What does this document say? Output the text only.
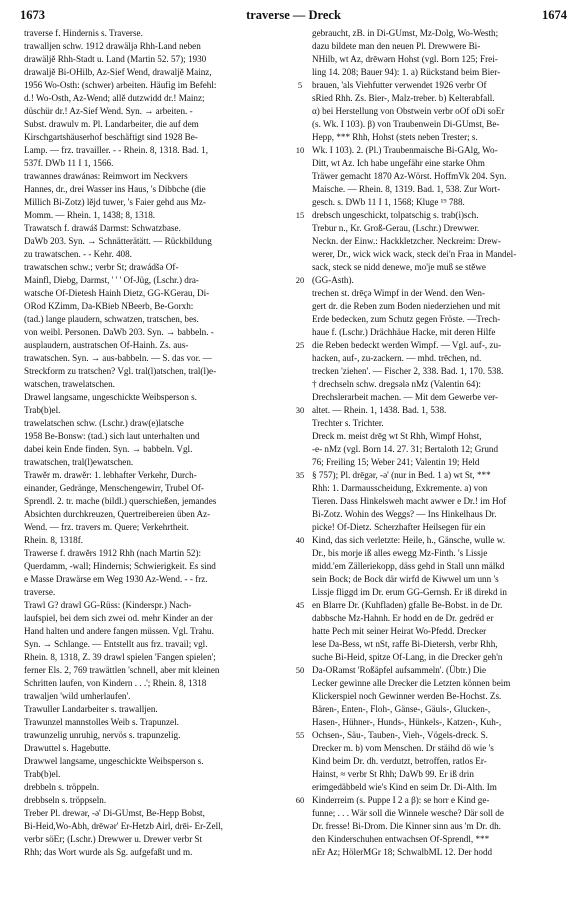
1673	traverse — Dreck	1674
traverse f. Hindernis s. Traverse.
trawalljen schw. 1912 drawäljə Rhh-Land neben
drawäljě Rhh-Stadt u. Land (Martin 52. 57); 1930
drawaljě Bi-OHilb, Az-Sief Wend, drawaljě Mainz,
1956 Wo-Osth: (schwer) arbeiten. Häufig im Befehl:
d.! Wo-Osth, Az-Wend; allě dutzwidd dr.! Mainz;
düschür dr.! Az-Sief Wend. Syn. → arbeiten. -
Subst. drawulv m. Pl. Landarbeiter, die auf dem
Kirschgartshäuserhof beschäftigt sind 1928 Be-
Lamp. — frz. travailler. - - Rhein. 8, 1318. Bad. 1,
537f. DWb 11 I 1, 1566.
trawannes drawánəs: Reimwort im Neckvers
Hannes, dr., drei Wasser ins Haus, 's Dibbche (die
Millich Bi-Zotz) lějd tuwer, 's Faier gehd aus Mz-
Momm. — Rhein. 1, 1438; 8, 1318.
Trawatsch f. drawáš Darmst: Schwatzbase.
DaWb 203. Syn. → Schnätterätätt. — Rückbildung
zu trawatschen. - - Kehr. 408.
trawatschen schw.; verbr St; drawádšə Of-
Mainfl, Diebg, Darmst, ' ' ' Of-Jüg, (Lschr.) dra-
watsche Of-Dietesh Hainh Dietz, GG-KGerau, Di-
ORod KZimm, Da-KBieb NBeerb, Be-Gorxh:
(tad.) lange plaudern, schwatzen, tratschen, bes.
von weibl. Personen. DaWb 203. Syn. → babbeln. -
ausplaudern, austratschen Of-Hainh. Zs. aus-
trawatschen. Syn. → aus-babbeln. — S. das vor. —
Streckform zu tratschen? Vgl. tral(l)atschen, tral(l)e-
watschen, trawelatschen.
Drawel langsame, ungeschickte Weibsperson s.
Trab(b)el.
trawelatschen schw. (Lschr.) draw(e)latsche
1958 Be-Bonsw: (tad.) sich laut unterhalten und
dabei kein Ende finden. Syn. → babbeln. Vgl.
trawatschen, tral(l)ewatschen.
Trawěr m. drawěr: 1. lebhafter Verkehr, Durch-
einander, Gedränge, Menschengewirr, Trubel Of-
Sprendl. 2. tr. mache (bildl.) querschießen, jemandes
Absichten durchkreuzen, Quertreibereien üben Az-
Wend. — frz. travers m. Quere; Verkehrtheit.
Rhein. 8, 1318f.
Trawerse f. drawěrs 1912 Rhh (nach Martin 52):
Querdamm, -wall; Hindernis; Schwierigkeit. Es sind
e Masse Drawärse em Weg 1930 Az-Wend. - - frz.
traverse.
Trawl G? drawl GG-Rüss: (Kinderspr.) Nach-
laufspiel, bei dem sich zwei od. mehr Kinder an der
Hand halten und andere fangen müssen. Vgl. Trahu.
Syn. → Schlange. — Entstellt aus frz. travail; vgl.
Rhein. 8, 1318, Z. 39 drawl spielen 'Fangen spielen';
ferner Els. 2, 769 trawättlen 'schnell, aber mit kleinen
Schritten laufen, von Kindern . . .'; Rhein. 8, 1318
trawaljen 'wild umherlaufen'.
Trawuller Landarbeiter s. trawalljen.
Trawunzel mannstolles Weib s. Trapunzel.
trawunzelig unruhig, nervös s. trapunzelig.
Drawuttel s. Hagebutte.
Drawwel langsame, ungeschickte Weibsperson s.
Trab(b)el.
drebbeln s. tröppeln.
drebbseln s. tröppseln.
Treber Pl. drewər, -ə' Di-GUmst, Be-Hepp Bobst,
Bi-Heid,Wo-Abh, drēwər' Er-Hetzb Airl, drēi- Er-Zell,
verbr söEr; (Lschr.) Drewwer u. Drewer verbr St
Rhh; das Wort wurde als Sg. aufgefaßt und m.
5
10
15
20
25
30
35
40
45
50
55
60
gebraucht, zB. in Di-GUmst, Mz-Dolg, Wo-Westh;
dazu bildete man den neuen Pl. Drewwere Bi-
NHilb, wt Az, drēwərn Hohst (vgl. Born 125; Frei-
ling 14. 208; Bauer 94): 1. a) Rückstand beim Bier-
brauen, 'als Viehfutter verwendet 1926 verbr Of
sRied Rhh. Zs. Bier-, Malz-treber. b) Kelterabfall.
α) bei Herstellung von Obstwein verbr oOf oDi soEr
(s. Wk. I 103). β) von Traubenwein Di-GUmst, Be-
Hepp, *** Rhh, Hohst (stets neben Trester; s.
Wk. I 103). 2. (Pl.) Traubenmaische Bi-GAlg, Wo-
Ditt, wt Az. Ich habe ungefähr eine starke Ohm
Träwer gemacht 1870 Az-Wörst. HoffmVk 204. Syn.
Maische. — Rhein. 8, 1319. Bad. 1, 538. Zur Wort-
gesch. s. DWb 11 I 1, 1568; Kluge ¹⁹ 788.
drebsch ungeschickt, tolpatschig s. trab(i)sch.
Trebur n., Kr. Groß-Gerau, (Lschr.) Drewwer.
Neckn. der Einw.: Hackkletzcher. Neckreim: Drew-
werer, Dr., wick wick wack, steck dei'n Fraa in Mandel-
sack, steck se nidd denewe, mo'je muß se stěwe
(GG-Asth).
trechen st. drēçə Wimpf in der Wend. den Wen-
gert dr. die Reben zum Boden niederziehen und mit
Erde bedecken, zum Schutz gegen Fröste. —Trech-
haue f. (Lschr.) Drächhäue Hacke, mit deren Hilfe
die Reben bedeckt werden Wimpf. — Vgl. auf-, zu-
hacken, auf-, zu-zackern. — mhd. trēchen, nd.
trecken 'ziehen'. — Fischer 2, 338. Bad. 1, 170. 538.
† drechseln schw. dregsələ nMz (Valentin 64):
Drechslerarbeit machen. — Mit dem Gewerbe ver-
altet. — Rhein. 1, 1438. Bad. 1, 538.
Trechter s. Trichter.
Dreck m. meist drēg wt St Rhh, Wimpf Hohst,
-e- nMz (vgl. Born 14. 27. 31; Bertaloth 12; Grund
76; Freiling 15; Weber 241; Valentin 19; Held
§ 757); Pl. drēgər, -ə' (nur in Bed. 1 a) wt St, ***
Rhh: 1. Darmausscheidung, Exkremente. a) von
Tieren. Dass Hinkelsweh macht awwer e Dr.! im Hof
Bi-Zotz. Wohin des Weggs? — Ins Hinkelhaus Dr.
picke! Of-Dietz. Scherzhafter Heilsegen für ein
Kind, das sich verletzte: Heile, h., Gänsche, wulle w.
Dr., bis morje iß alles ewegg Mz-Finth. 's Lissje
midd.'em Zälleriekopp, däss gehd in Stall unn mälkd
sein Bock; de Bock där wirfd de Kiwwel um unn 's
Lissje fliggd im Dr. erum GG-Gernsh. Er iß direkd in
en Blarre Dr. (Kuhfladen) gfalle Be-Bobst. in de Dr.
dabbsche Mz-Hahnh. Er hodd en de Dr. gedrëd er
hatte Pech mit seiner Heirat Wo-Pfedd. Drecker
lese Da-Bess, wt nSt, raffe Bi-Dietersh, verbr Rhh,
suche Bi-Heid, spitze Of-Lang, in die Drecker geh'n
Da-ORamst 'Roßäpfel aufsammeln'. (Übtr.) Die
Lecker gewinne alle Drecker die Letzten können beim
Klickerspiel noch Gewinner werden Be-Hochst. Zs.
Bären-, Enten-, Floh-, Gänse-, Gäuls-, Glucken-,
Hasen-, Hühner-, Hunds-, Hünkels-, Katzen-, Kuh-,
Ochsen-, Säu-, Tauben-, Vieh-, Vögels-dreck. S.
Drecker m. b) vom Menschen. Dr stäihd dö wie 's
Kind beim Dr. dh. verdutzt, betroffen, ratlos Er-
Hainst, ≈ verbr St Rhh; DaWb 99. Er iß drin
erimgedäbbeld wie's Kind en seim Dr. Di-Alth. Im
Kinderreim (s. Puppe I 2 a β): se horr e Kind ge-
funne; . . . Wär soll die Winnele wesche? Där soll de
Dr. fresse! Bi-Drom. Die Kinner sinn aus 'm Dr. dh.
den Kinderschuhen entwachsen Of-Sprendl, ***
nEr Az; HölerMGr 18; SchwalbML 12. Der hodd
